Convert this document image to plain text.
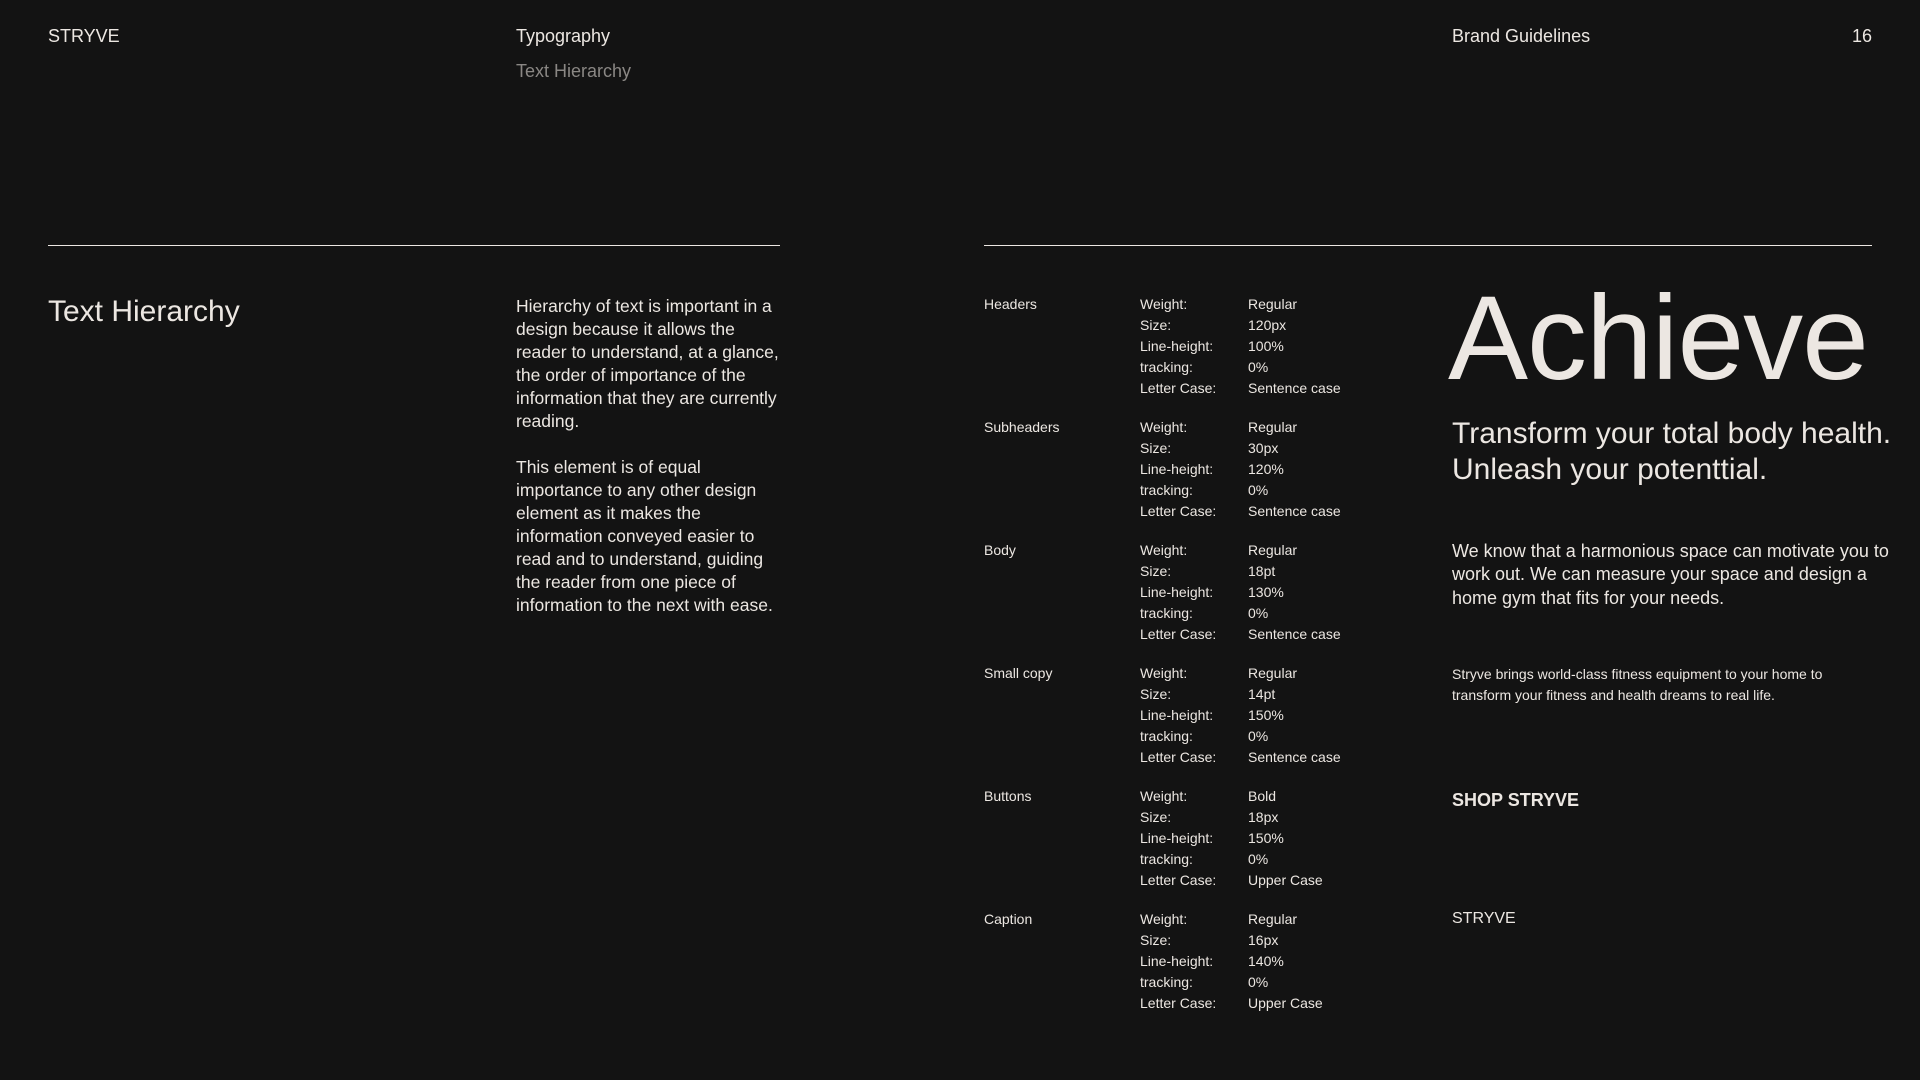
STRYVE	Typography
Text Hierarchy
Brand Guidelines	16
Text Hierarchy	Hierarchy of text is important in a design because it allows the reader to understand, at a glance, the order of importance of the information that they are currently reading.
This element is of equal importance to any other design element as it makes the information conveyed easier to read and to understand, guiding the reader from one piece of information to the next with ease.
Headers	Weight:	Regular
Size:	120px
Line-height:	100%
tracking:	0%
Letter Case:	Sentence case
Subheaders	Weight:	Regular
Size:	30px
Line-height:	120%
tracking:	0%
Letter Case:	Sentence case
Body	Weight:	Regular
Size:	18pt
Line-height:	130%
tracking:	0%
Letter Case:	Sentence case
Small copy	Weight:	Regular
Size:	14pt
Line-height:	150%
tracking:	0%
Letter Case:	Sentence case
Buttons	Weight:	Bold
Size:	18px
Line-height:	150%
tracking:	0%
Letter Case:	Upper Case
Caption	Weight:	Regular
Size:	16px
Line-height:	140%
tracking:	0%
Letter Case:	Upper Case
Achieve
Transform your total body health. Unleash your potenttial.
We know that a harmonious space can motivate you to work out. We can measure your space and design a home gym that fits for your needs.
Stryve brings world-class fitness equipment to your home to transform your fitness and health dreams to real life.
SHOP STRYVE
STRYVE
